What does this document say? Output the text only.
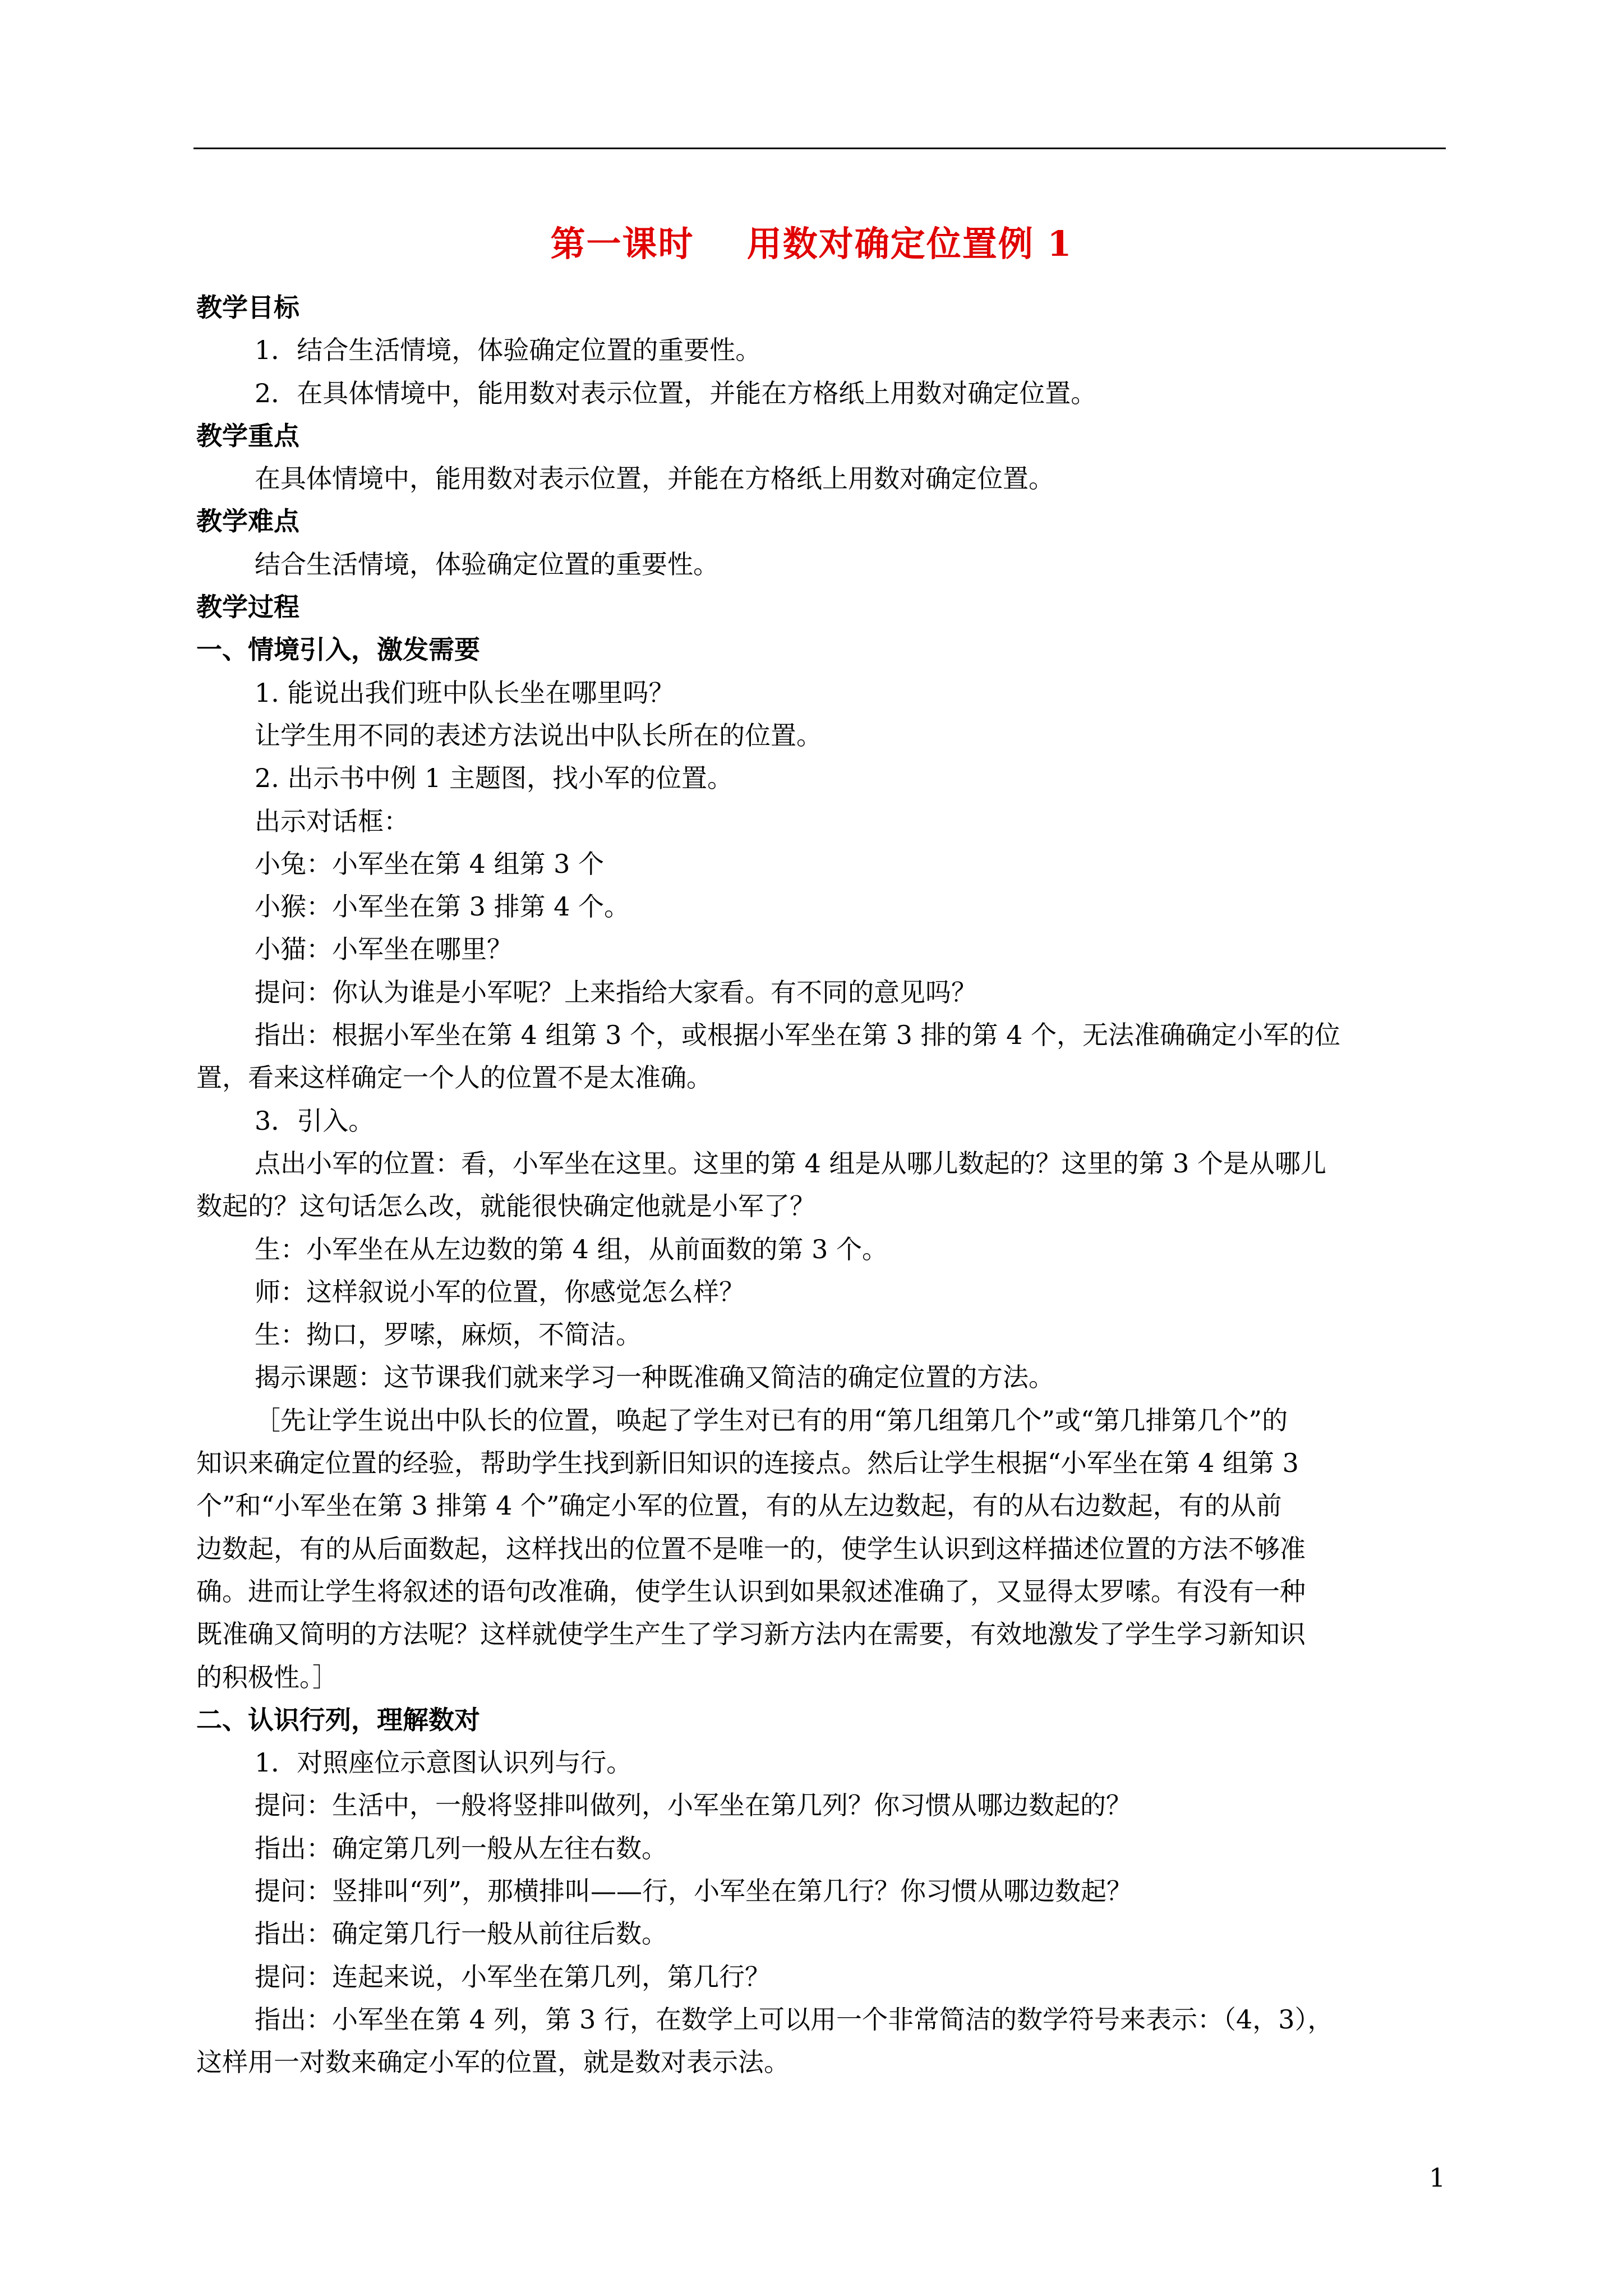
第一课时    用数对确定位置例 1
教学目标
1．结合生活情境，体验确定位置的重要性。
2．在具体情境中，能用数对表示位置，并能在方格纸上用数对确定位置。
教学重点
在具体情境中，能用数对表示位置，并能在方格纸上用数对确定位置。
教学难点
结合生活情境，体验确定位置的重要性。
教学过程
一、情境引入，激发需要
1. 能说出我们班中队长坐在哪里吗？
让学生用不同的表述方法说出中队长所在的位置。
2. 出示书中例 1 主题图，找小军的位置。
出示对话框：
小兔：小军坐在第 4 组第 3 个
小猴：小军坐在第 3 排第 4 个。
小猫：小军坐在哪里？
提问：你认为谁是小军呢？上来指给大家看。有不同的意见吗？
指出：根据小军坐在第 4 组第 3 个，或根据小军坐在第 3 排的第 4 个，无法准确确定小军的位
置，看来这样确定一个人的位置不是太准确。
3．引入。
点出小军的位置：看，小军坐在这里。这里的第 4 组是从哪儿数起的？这里的第 3 个是从哪儿
数起的？这句话怎么改，就能很快确定他就是小军了？
生：小军坐在从左边数的第 4 组，从前面数的第 3 个。
师：这样叙说小军的位置，你感觉怎么样？
生：拗口，罗嗦，麻烦，不简洁。
揭示课题：这节课我们就来学习一种既准确又简洁的确定位置的方法。
［先让学生说出中队长的位置，唤起了学生对已有的用“第几组第几个”或“第几排第几个”的
知识来确定位置的经验，帮助学生找到新旧知识的连接点。然后让学生根据“小军坐在第 4 组第 3
个”和“小军坐在第 3 排第 4 个”确定小军的位置，有的从左边数起，有的从右边数起，有的从前
边数起，有的从后面数起，这样找出的位置不是唯一的，使学生认识到这样描述位置的方法不够准
确。进而让学生将叙述的语句改准确，使学生认识到如果叙述准确了，又显得太罗嗦。有没有一种
既准确又简明的方法呢？这样就使学生产生了学习新方法内在需要，有效地激发了学生学习新知识
的积极性。］
二、认识行列，理解数对
1．对照座位示意图认识列与行。
提问：生活中，一般将竖排叫做列，小军坐在第几列？你习惯从哪边数起的？
指出：确定第几列一般从左往右数。
提问：竖排叫“列”，那横排叫——行，小军坐在第几行？你习惯从哪边数起？
指出：确定第几行一般从前往后数。
提问：连起来说，小军坐在第几列，第几行？
指出：小军坐在第 4 列，第 3 行，在数学上可以用一个非常简洁的数学符号来表示：（4，3），
这样用一对数来确定小军的位置，就是数对表示法。
1
